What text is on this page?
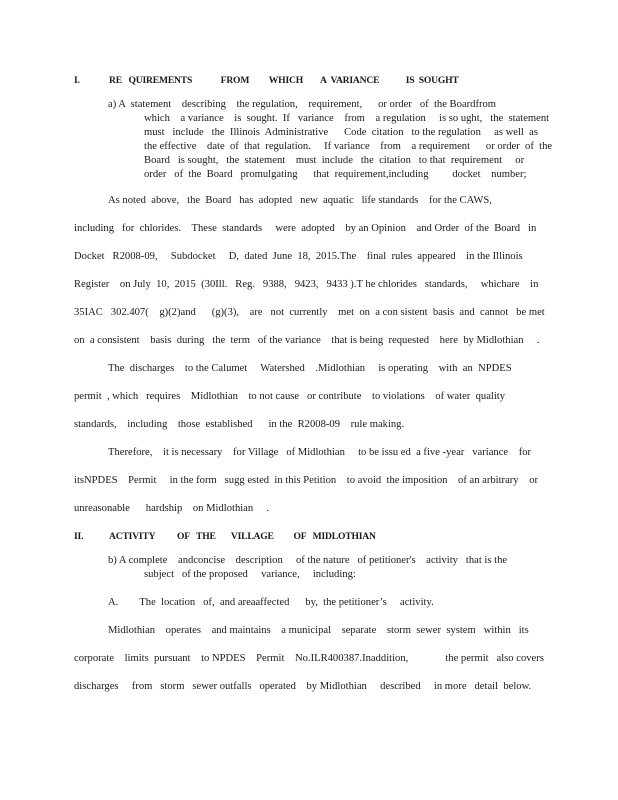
I.	RE   QUIREMENTS             FROM         WHICH        A  VARIANCE            IS  SOUGHT
a) A  statement    describing    the regulation,    requirement,      or order   of  the Boardfrom
which    a variance    is  sought.  If   variance    from    a regulation     is so ught,   the  statement
must   include   the  Illinois  Administrative      Code  citation   to the regulation     as well  as
the effective    date  of  that  regulation.     If variance    from    a requirement      or order  of  the
Board   is sought,   the  statement    must  include   the  citation   to that  requirement     or
order   of  the  Board   promulgating      that  requirement,including         docket    number;
As noted  above,   the  Board   has  adopted   new  aquatic   life standards    for the CAWS,
including   for  chlorides.    These  standards     were  adopted    by an Opinion    and Order  of the  Board   in
Docket   R2008-09,     Subdocket     D,  dated  June  18,  2015.The    final  rules  appeared    in the Illinois
Register    on July  10,  2015  (30Ill.   Reg.   9388,   9423,   9433 ).T he chlorides   standards,     whichare    in
35IAC   302.407(    g)(2)and      (g)(3),    are   not  currently    met  on  a con sistent  basis  and  cannot   be met
on  a consistent    basis  during   the  term   of the variance    that is being  requested    here  by Midlothian     .
The  discharges    to the Calumet     Watershed    .Midlothian     is operating    with  an  NPDES
permit  , which   requires    Midlothian    to not cause   or contribute    to violations    of water  quality
standards,    including    those  established      in the  R2008-09    rule making.
Therefore,    it is necessary    for Village   of Midlothian     to be issu ed  a five -year   variance    for
itsNPDES    Permit     in the form   sugg ested  in this Petition    to avoid  the imposition    of an arbitrary    or
unreasonable      hardship    on Midlothian     .
II.	ACTIVITY          OF   THE       VILLAGE         OF   MIDLOTHIAN
b) A complete    andconcise    description     of the nature   of petitioner's    activity   that is the
subject   of the proposed     variance,     including:
A.        The  location   of,  and areaaffected      by,  the petitioner’s     activity.
Midlothian    operates    and maintains    a municipal    separate    storm  sewer  system   within   its
corporate    limits  pursuant    to NPDES    Permit    No.ILR400387.Inaddition,              the permit   also covers
discharges     from   storm   sewer outfalls   operated    by Midlothian     described     in more   detail  below.
